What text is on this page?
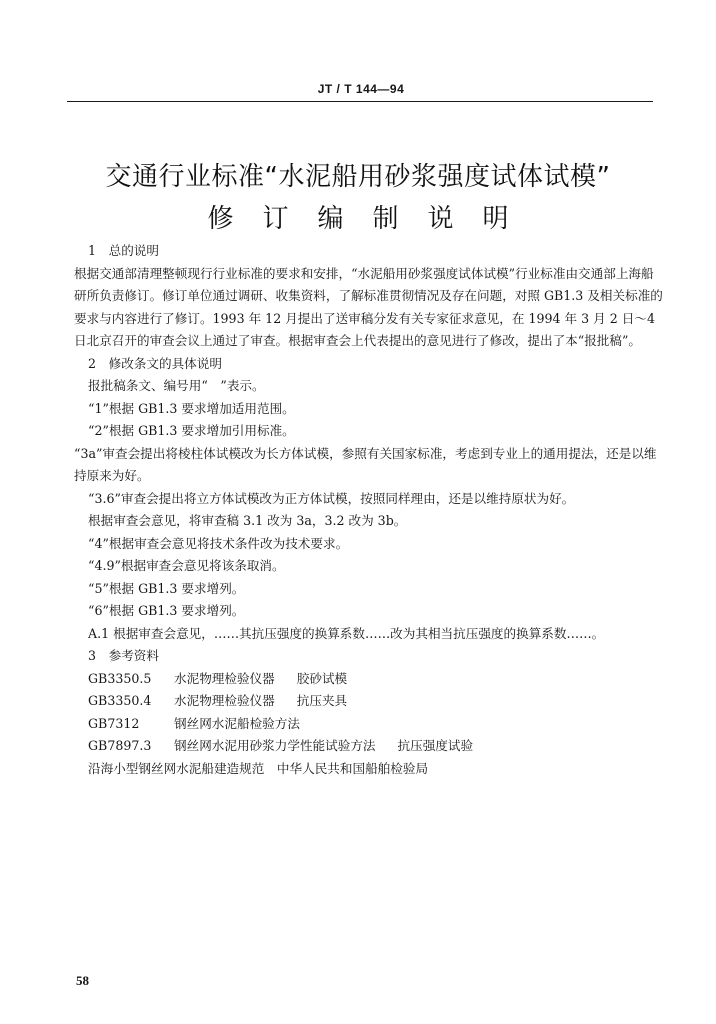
JT / T 144—94
交通行业标准“水泥船用砂浆强度试体试模”
修订编制说明

1　总的说明

根据交通部清理整顿现行行业标准的要求和安排，“水泥船用砂浆强度试体试模”行业标准由交通部上海船研所负责修订。修订单位通过调研、收集资料，了解标准贯彻情况及存在问题，对照 GB1.3 及相关标准的要求与内容进行了修订。1993 年 12 月提出了送审稿分发有关专家征求意见，在 1994 年 3 月 2 日～4 日北京召开的审查会议上通过了审查。根据审查会上代表提出的意见进行了修改，提出了本“报批稿”。

2　修改条文的具体说明

报批稿条文、编号用“　”表示。

“1”根据 GB1.3 要求增加适用范围。

“2”根据 GB1.3 要求增加引用标准。

“3a”审查会提出将棱柱体试模改为长方体试模，参照有关国家标准，考虑到专业上的通用提法，还是以维持原来为好。

“3.6”审查会提出将立方体试模改为正方体试模，按照同样理由，还是以维持原状为好。

根据审查会意见，将审查稿 3.1 改为 3a，3.2 改为 3b。

“4”根据审查会意见将技术条件改为技术要求。

“4.9”根据审查会意见将该条取消。

“5”根据 GB1.3 要求增列。

“6”根据 GB1.3 要求增列。

A.1 根据审查会意见，……其抗压强度的换算系数……改为其相当抗压强度的换算系数……。

3　参考资料

GB3350.5 水泥物理检验仪器 胶砂试模

GB3350.4 水泥物理检验仪器 抗压夹具

GB7312	钢丝网水泥船检验方法

GB7897.3 钢丝网水泥用砂浆力学性能试验方法 抗压强度试验

沿海小型钢丝网水泥船建造规范　中华人民共和国船舶检验局

58
